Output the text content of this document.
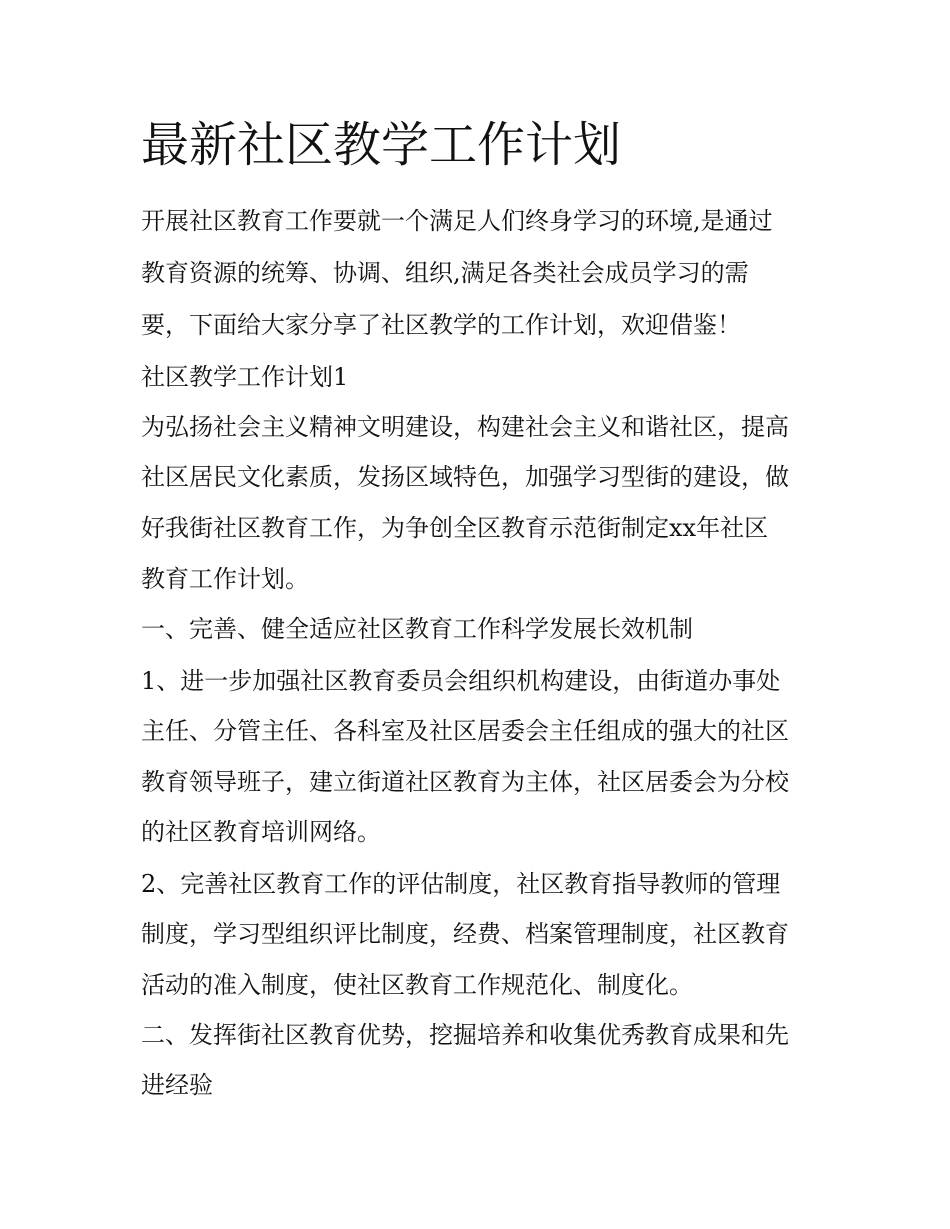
最新社区教学工作计划

开展社区教育工作要就一个满足人们终身学习的环境,是通过

教育资源的统筹、协调、组织,满足各类社会成员学习的需

要，下面给大家分享了社区教学的工作计划，欢迎借鉴！

社区教学工作计划1

为弘扬社会主义精神文明建设，构建社会主义和谐社区，提高

社区居民文化素质，发扬区域特色，加强学习型街的建设，做

好我街社区教育工作，为争创全区教育示范街制定xx年社区

教育工作计划。

一、完善、健全适应社区教育工作科学发展长效机制

1、进一步加强社区教育委员会组织机构建设，由街道办事处

主任、分管主任、各科室及社区居委会主任组成的强大的社区

教育领导班子，建立街道社区教育为主体，社区居委会为分校

的社区教育培训网络。

2、完善社区教育工作的评估制度，社区教育指导教师的管理

制度，学习型组织评比制度，经费、档案管理制度，社区教育

活动的准入制度，使社区教育工作规范化、制度化。

二、发挥街社区教育优势，挖掘培养和收集优秀教育成果和先

进经验
